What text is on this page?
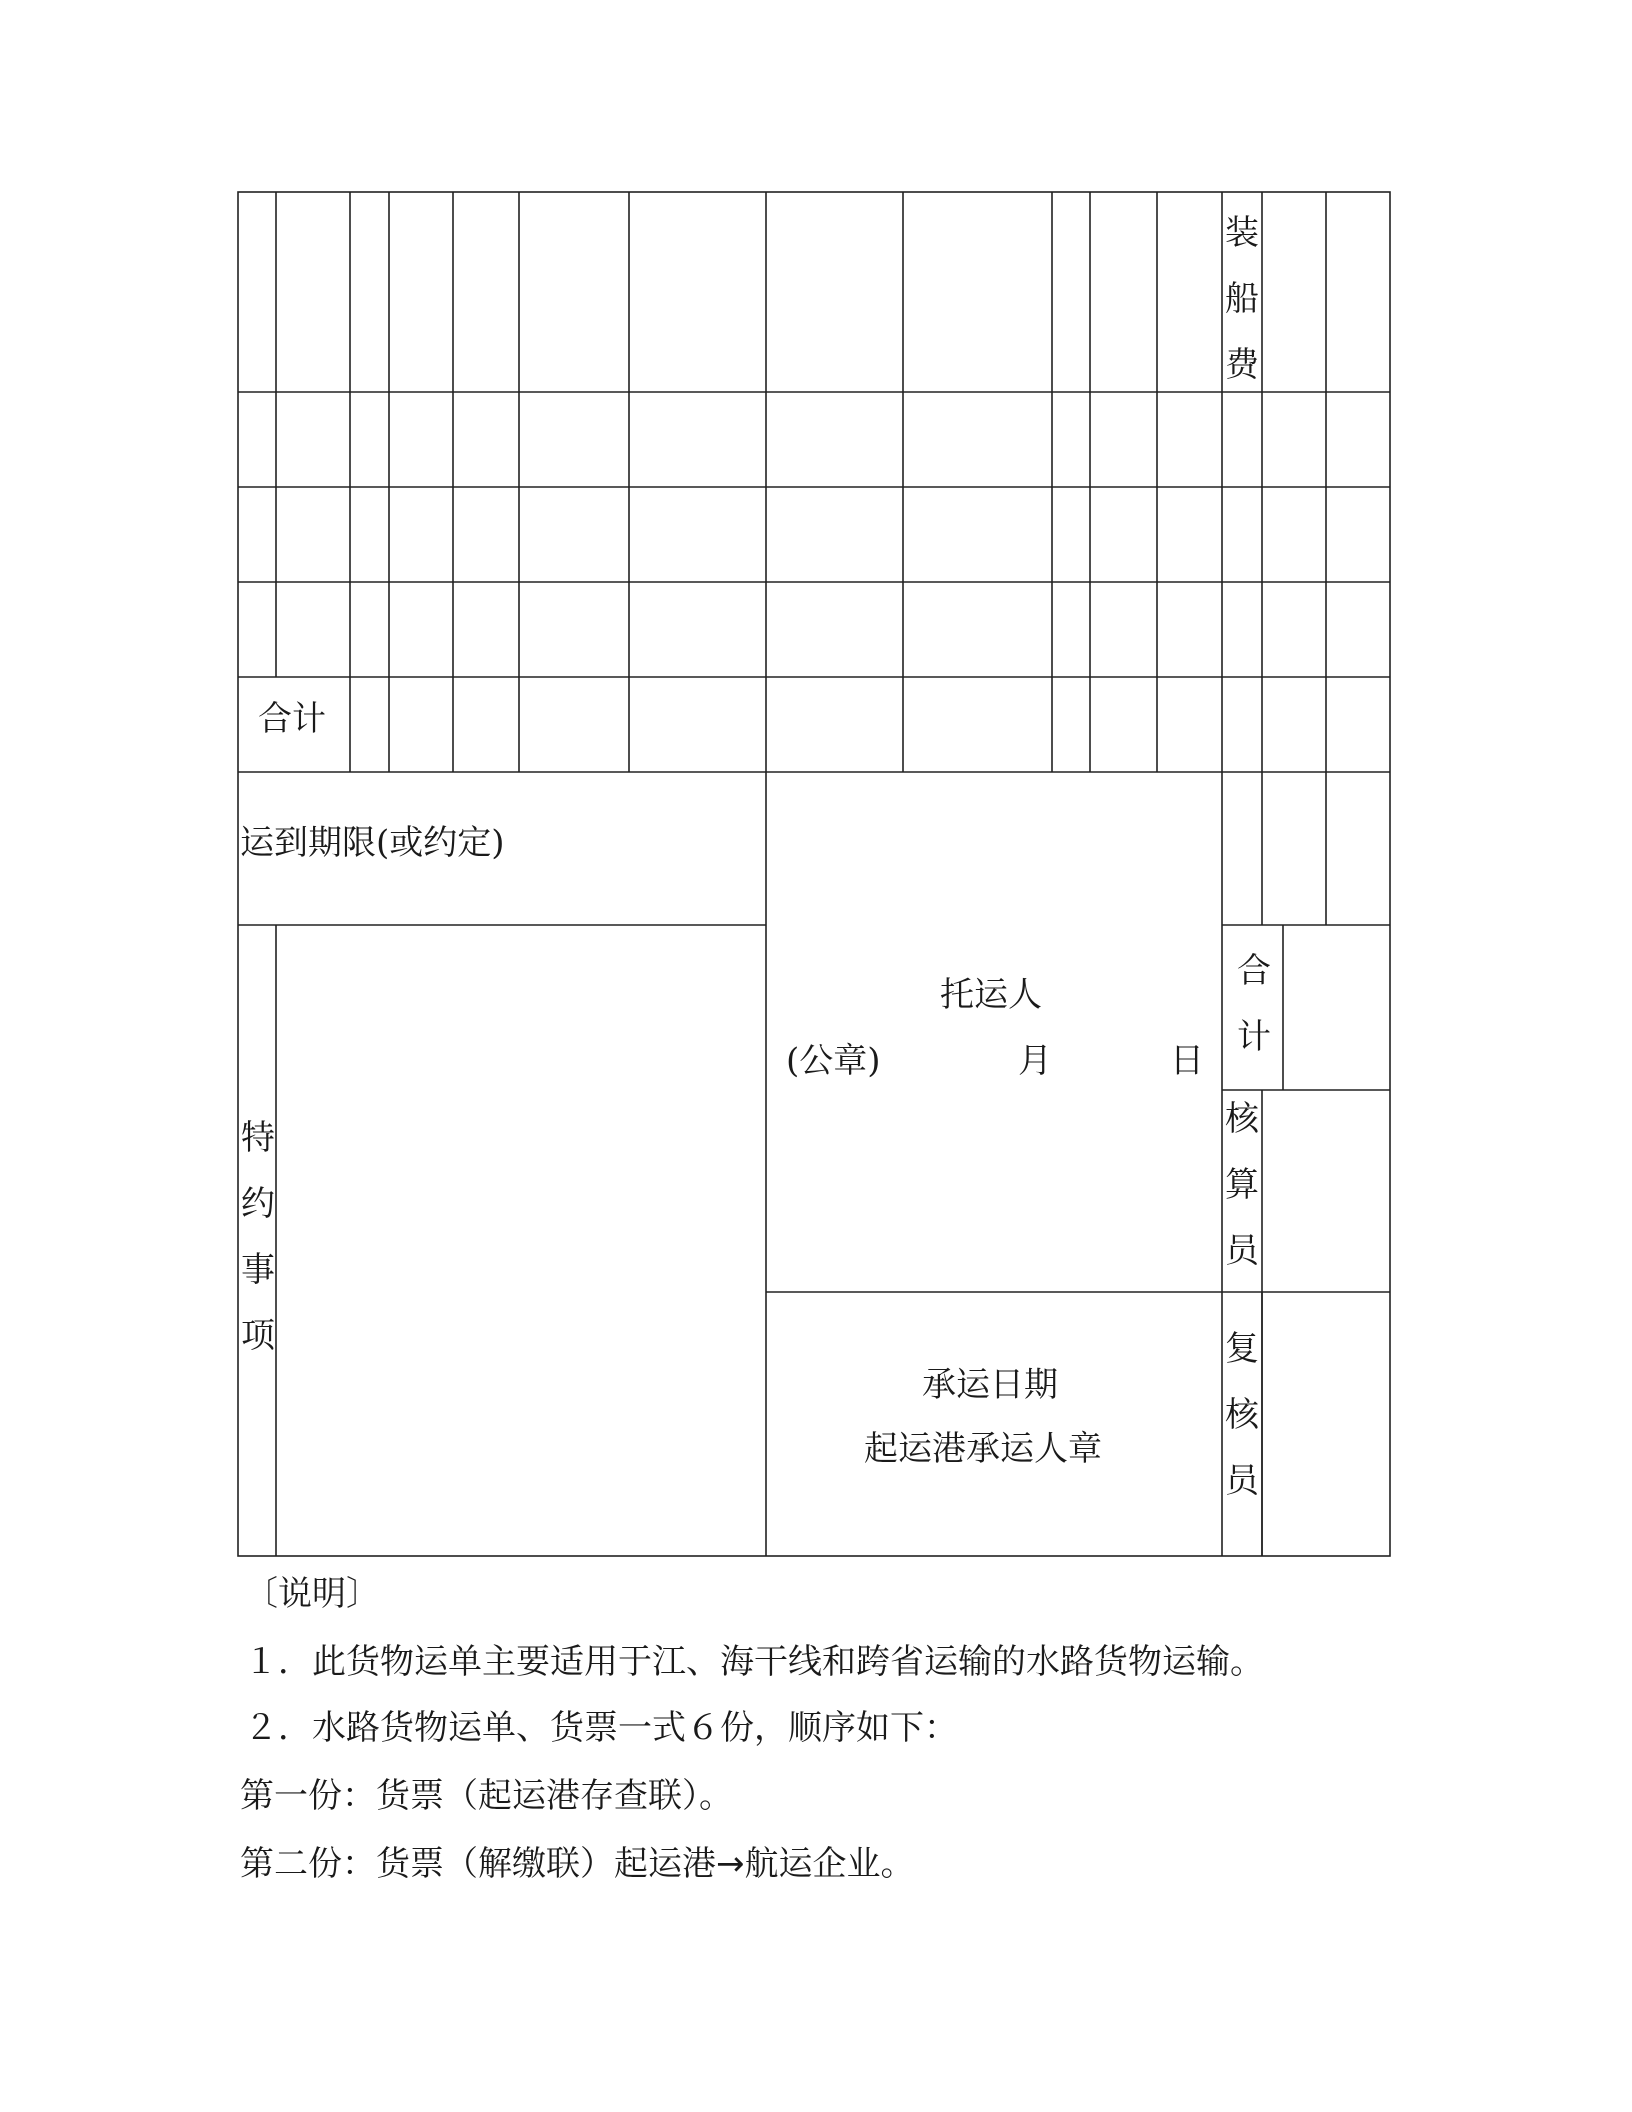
装
船
费
合计
运到期限(或约定)
特
约
事
项
托运人
(公章)	月	日
合
计
核
算
员
承运日期
起运港承运人章
复
核
员
〔说明〕
１．此货物运单主要适用于江、海干线和跨省运输的水路货物运输。
２．水路货物运单、货票一式６份，顺序如下：
第一份：货票（起运港存查联）。
第二份：货票（解缴联）起运港→航运企业。
